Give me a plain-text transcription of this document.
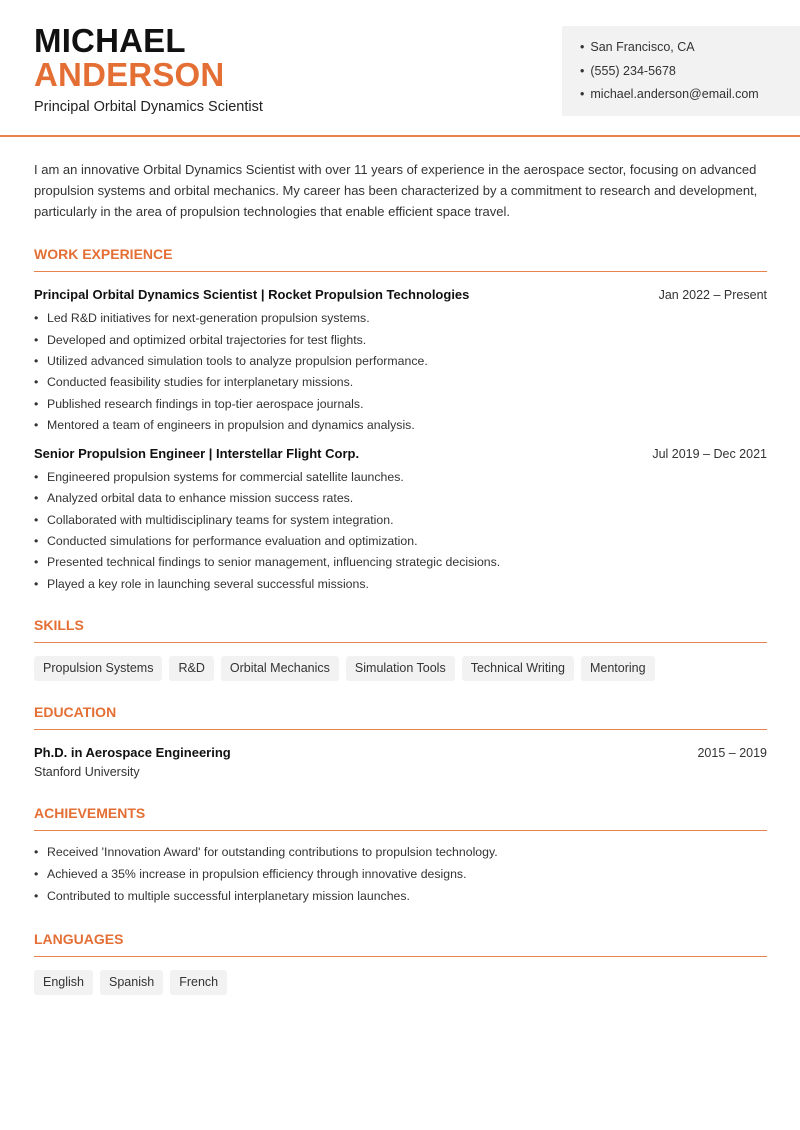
MICHAEL
ANDERSON
Principal Orbital Dynamics Scientist
• San Francisco, CA
• (555) 234-5678
• michael.anderson@email.com

I am an innovative Orbital Dynamics Scientist with over 11 years of experience in the aerospace sector, focusing on advanced propulsion systems and orbital mechanics. My career has been characterized by a commitment to research and development, particularly in the area of propulsion technologies that enable efficient space travel.

WORK EXPERIENCE
Principal Orbital Dynamics Scientist | Rocket Propulsion Technologies	Jan 2022 – Present
• Led R&D initiatives for next-generation propulsion systems.
• Developed and optimized orbital trajectories for test flights.
• Utilized advanced simulation tools to analyze propulsion performance.
• Conducted feasibility studies for interplanetary missions.
• Published research findings in top-tier aerospace journals.
• Mentored a team of engineers in propulsion and dynamics analysis.
Senior Propulsion Engineer | Interstellar Flight Corp.	Jul 2019 – Dec 2021
• Engineered propulsion systems for commercial satellite launches.
• Analyzed orbital data to enhance mission success rates.
• Collaborated with multidisciplinary teams for system integration.
• Conducted simulations for performance evaluation and optimization.
• Presented technical findings to senior management, influencing strategic decisions.
• Played a key role in launching several successful missions.
SKILLS
Propulsion Systems	R&D	Orbital Mechanics	Simulation Tools	Technical Writing	Mentoring
EDUCATION
Ph.D. in Aerospace Engineering	2015 – 2019
Stanford University
ACHIEVEMENTS
• Received 'Innovation Award' for outstanding contributions to propulsion technology.
• Achieved a 35% increase in propulsion efficiency through innovative designs.
• Contributed to multiple successful interplanetary mission launches.
LANGUAGES
English	Spanish	French
